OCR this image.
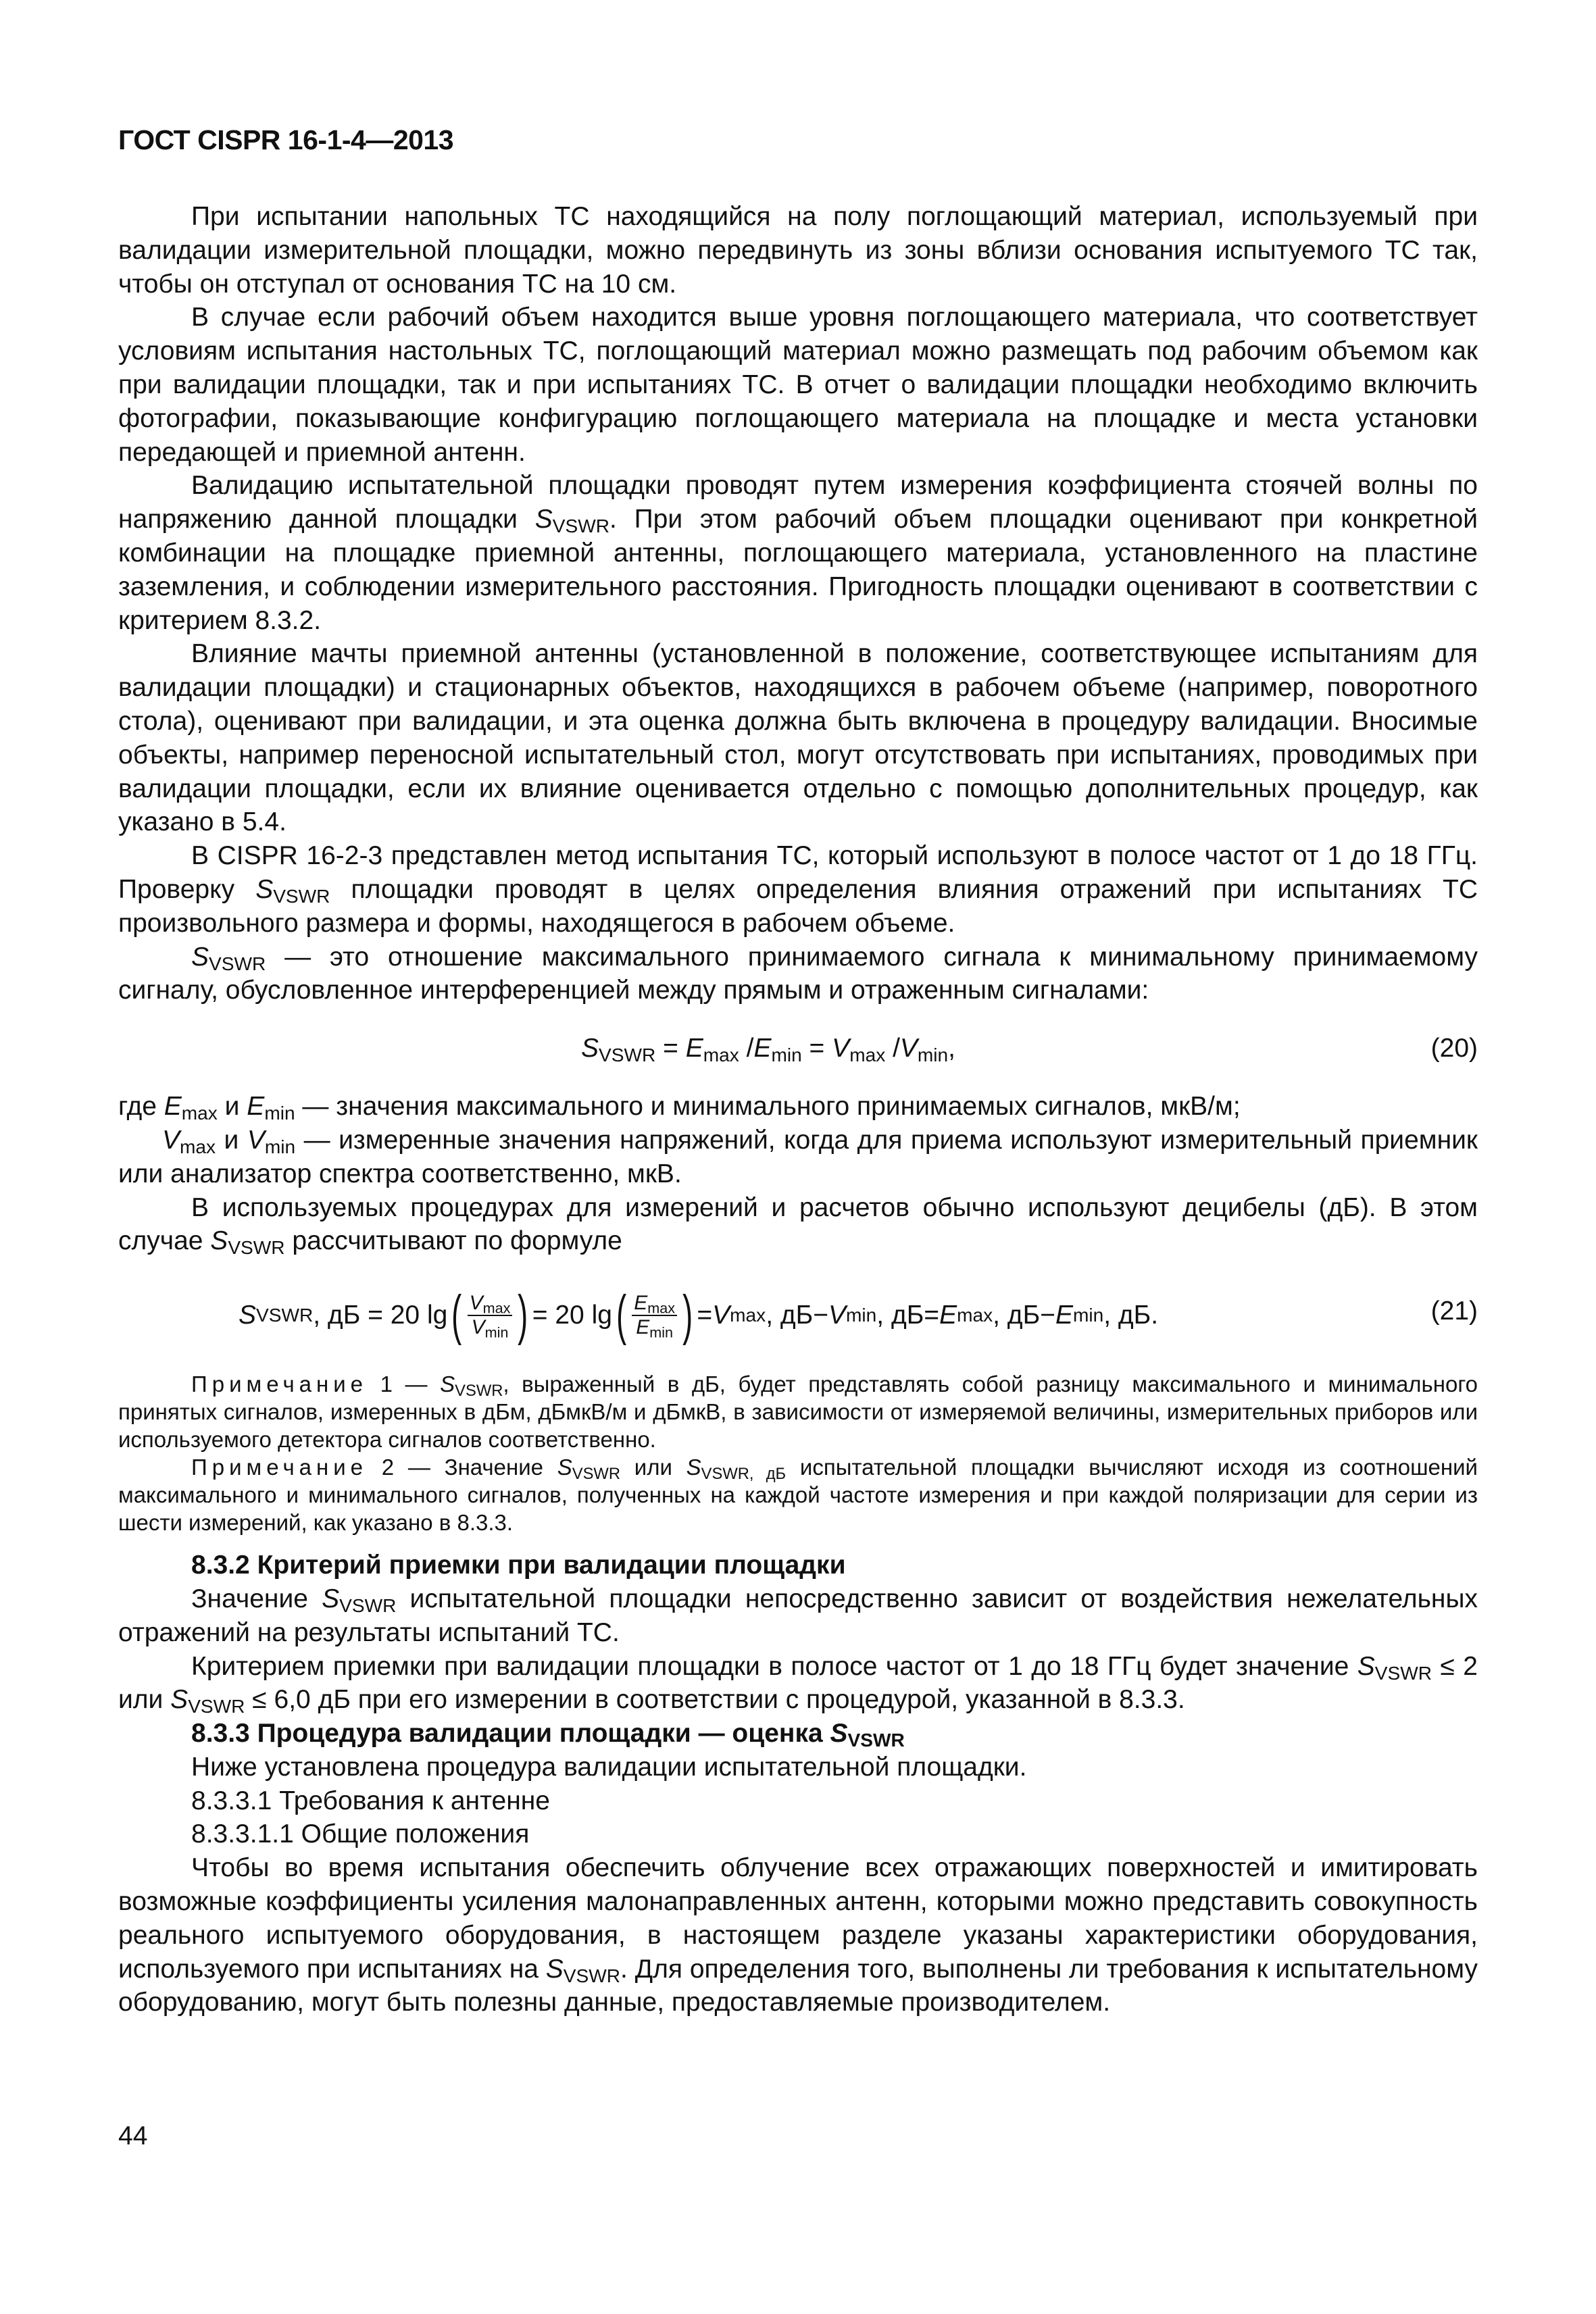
ГОСТ CISPR 16-1-4—2013

При испытании напольных ТС находящийся на полу поглощающий материал, используемый при валидации измерительной площадки, можно передвинуть из зоны вблизи основания испытуемого ТС так, чтобы он отступал от основания ТС на 10 см.

В случае если рабочий объем находится выше уровня поглощающего материала, что соответствует условиям испытания настольных ТС, поглощающий материал можно размещать под рабочим объемом как при валидации площадки, так и при испытаниях ТС. В отчет о валидации площадки необходимо включить фотографии, показывающие конфигурацию поглощающего материала на площадке и места установки передающей и приемной антенн.

Валидацию испытательной площадки проводят путем измерения коэффициента стоячей волны по напряжению данной площадки $S_{VSWR}$. При этом рабочий объем площадки оценивают при конкретной комбинации на площадке приемной антенны, поглощающего материала, установленного на пластине заземления, и соблюдении измерительного расстояния. Пригодность площадки оценивают в соответствии с критерием 8.3.2.

Влияние мачты приемной антенны (установленной в положение, соответствующее испытаниям для валидации площадки) и стационарных объектов, находящихся в рабочем объеме (например, поворотного стола), оценивают при валидации, и эта оценка должна быть включена в процедуру валидации. Вносимые объекты, например переносной испытательный стол, могут отсутствовать при испытаниях, проводимых при валидации площадки, если их влияние оценивается отдельно с помощью дополнительных процедур, как указано в 5.4.

В CISPR 16-2-3 представлен метод испытания ТС, который используют в полосе частот от 1 до 18 ГГц. Проверку $S_{VSWR}$ площадки проводят в целях определения влияния отражений при испытаниях ТС произвольного размера и формы, находящегося в рабочем объеме.

$S_{VSWR}$ — это отношение максимального принимаемого сигнала к минимальному принимаемому сигналу, обусловленное интерференцией между прямым и отраженным сигналами:

$S_{VSWR} = E_{max}$ $/E_{min} = V_{max}$ $/V_{min}$,	(20)

где $E_{max}$ и $E_{min}$ — значения максимального и минимального принимаемых сигналов, мкВ/м;

$V_{max}$ и $V_{min}$ — измеренные значения напряжений, когда для приема используют измерительный приемник или анализатор спектра соответственно, мкВ.

В используемых процедурах для измерений и расчетов обычно используют децибелы (дБ). В этом случае $S_{VSWR}$ рассчитывают по формуле

S VSWR , дБ = 20 lg ( $\frac{V_{max}}{V_{min}}$ ) = 20 lg ( $\frac{E_{max}}{E_{min}}$ ) = V max , дБ− V min , дБ= E max , дБ− E min , дБ.	(21)

Примечание 1 — $S_{VSWR}$, выраженный в дБ, будет представлять собой разницу максимального и минимального принятых сигналов, измеренных в дБм, дБмкВ/м и дБмкВ, в зависимости от измеряемой величины, измерительных приборов или используемого детектора сигналов соответственно.

Примечание 2 — Значение $S_{VSWR}$ или $S_{VSWR, дБ}$ испытательной площадки вычисляют исходя из соотношений максимального и минимального сигналов, полученных на каждой частоте измерения и при каждой поляризации для серии из шести измерений, как указано в 8.3.3.

8.3.2 Критерий приемки при валидации площадки

Значение $S_{VSWR}$ испытательной площадки непосредственно зависит от воздействия нежелательных отражений на результаты испытаний ТС.

Критерием приемки при валидации площадки в полосе частот от 1 до 18 ГГц будет значение $S_{VSWR} \le 2$ или $S_{VSWR} \le 6,0$ дБ при его измерении в соответствии с процедурой, указанной в 8.3.3.

8.3.3 Процедура валидации площадки — оценка $S_{VSWR}$

Ниже установлена процедура валидации испытательной площадки.

8.3.3.1 Требования к антенне

8.3.3.1.1 Общие положения

Чтобы во время испытания обеспечить облучение всех отражающих поверхностей и имитировать возможные коэффициенты усиления малонаправленных антенн, которыми можно представить совокупность реального испытуемого оборудования, в настоящем разделе указаны характеристики оборудования, используемого при испытаниях на $S_{VSWR}$. Для определения того, выполнены ли требования к испытательному оборудованию, могут быть полезны данные, предоставляемые производителем.

44
